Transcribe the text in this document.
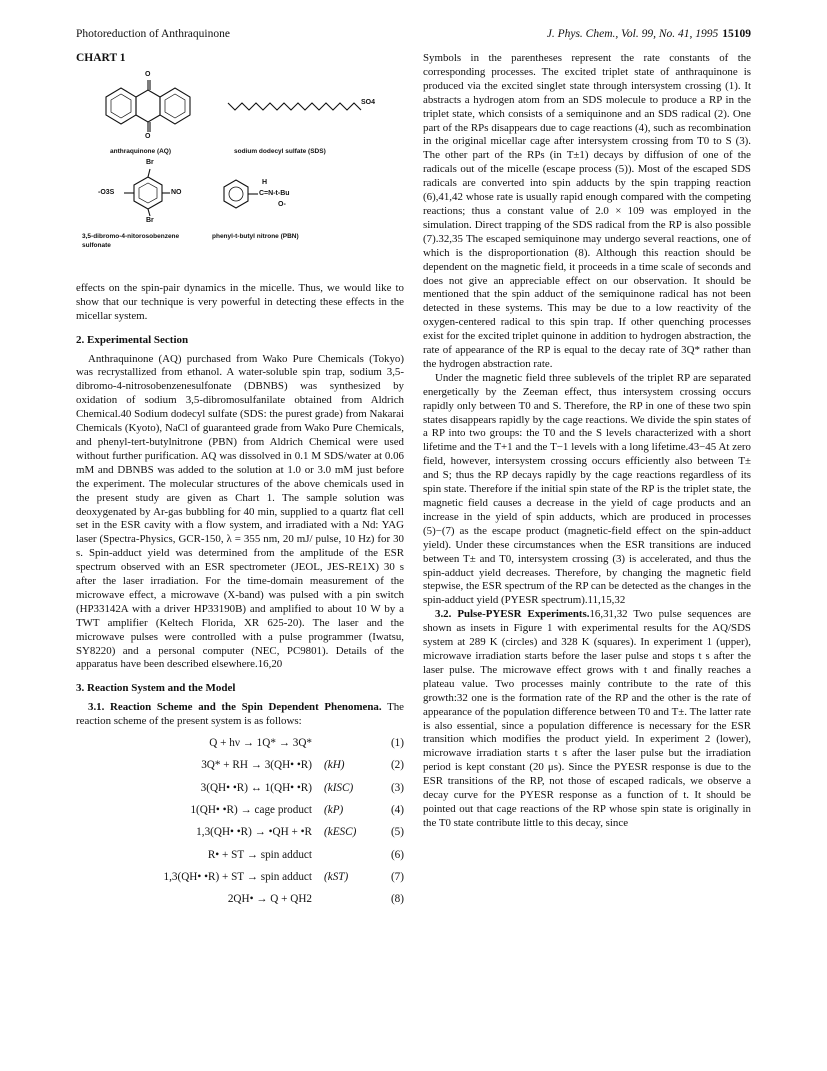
Photoreduction of Anthraquinone	J. Phys. Chem., Vol. 99, No. 41, 1995 15109
CHART 1
O
O
SO4
anthraquinone (AQ)	sodium dodecyl sulfate (SDS)
Br
Br
-O3S	NO
H
C=N-t-Bu
O-
3,5-dibromo-4-nitorosobenzene sulfonate
phenyl-t-butyl nitrone (PBN)

effects on the spin-pair dynamics in the micelle. Thus, we would like to show that our technique is very powerful in detecting these effects in the micellar system.

2. Experimental Section

Anthraquinone (AQ) purchased from Wako Pure Chemicals (Tokyo) was recrystallized from ethanol. A water-soluble spin trap, sodium 3,5-dibromo-4-nitrosobenzenesulfonate (DBNBS) was synthesized by oxidation of sodium 3,5-dibromosulfanilate obtained from Aldrich Chemical.40 Sodium dodecyl sulfate (SDS: the purest grade) from Nakarai Chemicals (Kyoto), NaCl of guaranteed grade from Wako Pure Chemicals, and phenyl-tert-butylnitrone (PBN) from Aldrich Chemical were used without further purification. AQ was dissolved in 0.1 M SDS/water at 0.06 mM and DBNBS was added to the solution at 1.0 or 3.0 mM just before the experiment. The molecular structures of the above chemicals used in the present study are given as Chart 1. The sample solution was deoxygenated by Ar-gas bubbling for 40 min, supplied to a quartz flat cell set in the ESR cavity with a flow system, and irradiated with a Nd: YAG laser (Spectra-Physics, GCR-150, λ = 355 nm, 20 mJ/ pulse, 10 Hz) for 30 s. Spin-adduct yield was determined from the amplitude of the ESR spectrum observed with an ESR spectrometer (JEOL, JES-RE1X) 30 s after the laser irradiation. For the time-domain measurement of the microwave effect, a microwave (X-band) was pulsed with a pin switch (HP33142A with a driver HP33190B) and amplified to about 10 W by a TWT amplifier (Keltech Florida, XR 625-20). The laser and the microwave pulses were controlled with a pulse programmer (Iwatsu, SY8220) and a personal computer (NEC, PC9801). Details of the apparatus have been described elsewhere.16,20

3. Reaction System and the Model

3.1. Reaction Scheme and the Spin Dependent Phenomena. The reaction scheme of the present system is as follows:

Q + hν → 1Q* → 3Q*	(1)
3Q* + RH → 3(QH• •R) (kH)	(2)
3(QH• •R) ↔ 1(QH• •R) (kISC)	(3)
1(QH• •R) → cage product (kP)	(4)
1,3(QH• •R) → •QH + •R (kESC)	(5)
R• + ST → spin adduct	(6)
1,3(QH• •R) + ST → spin adduct (kST)	(7)
2QH• → Q + QH2	(8)

Symbols in the parentheses represent the rate constants of the corresponding processes. The excited triplet state of anthraquinone is produced via the excited singlet state through intersystem crossing (1). It abstracts a hydrogen atom from an SDS molecule to produce a RP in the triplet state, which consists of a semiquinone and an SDS radical (2). One part of the RPs disappears due to cage reactions (4), such as recombination in the original micellar cage after intersystem crossing from T0 to S (3). The other part of the RPs (in T±1) decays by diffusion of one of the radicals out of the micelle (escape process (5)). Most of the escaped SDS radicals are converted into spin adducts by the spin trapping reaction (6),41,42 whose rate is usually rapid enough compared with the competing reactions; thus a constant value of 2.0 × 109 was employed in the simulation. Direct trapping of the SDS radical from the RP is also possible (7).32,35 The escaped semiquinone may undergo several reactions, one of which is the disproportionation (8). Although this reaction should be dependent on the magnetic field, it proceeds in a time scale of seconds and does not give an appreciable effect on our observation. It should be mentioned that the spin adduct of the semiquinone radical has not been detected in these systems. This may be due to a low reactivity of the oxygen-centered radical to this spin trap. If other quenching processes exist for the excited triplet quinone in addition to hydrogen abstraction, the rate of appearance of the RP is equal to the decay rate of 3Q* rather than the hydrogen abstraction rate.

Under the magnetic field three sublevels of the triplet RP are separated energetically by the Zeeman effect, thus intersystem crossing occurs rapidly only between T0 and S. Therefore, the RP in one of these two spin states disappears rapidly by the cage reactions. We divide the spin states of a RP into two groups: the T0 and the S levels characterized with a short lifetime and the T+1 and the T−1 levels with a long lifetime.43−45 At zero field, however, intersystem crossing occurs efficiently also between T± and S; thus the RP decays rapidly by the cage reactions regardless of its spin state. Therefore if the initial spin state of the RP is the triplet state, the magnetic field causes a decrease in the yield of cage products and an increase in the yield of spin adducts, which are produced in processes (5)−(7) as the escape product (magnetic-field effect on the spin-adduct yield). Under these circumstances when the ESR transitions are induced between T± and T0, intersystem crossing (3) is accelerated, and thus the spin-adduct yield decreases. Therefore, by changing the magnetic field stepwise, the ESR spectrum of the RP can be detected as the changes in the spin-adduct yield (PYESR spectrum).11,15,32

3.2. Pulse-PYESR Experiments.16,31,32 Two pulse sequences are shown as insets in Figure 1 with experimental results for the AQ/SDS system at 289 K (circles) and 328 K (squares). In experiment 1 (upper), microwave irradiation starts before the laser pulse and stops t s after the laser pulse. The microwave effect grows with t and finally reaches a plateau value. Two processes mainly contribute to the rate of this growth:32 one is the formation rate of the RP and the other is the rate of appearance of the population difference between T0 and T±. The latter rate is also essential, since a population difference is necessary for the ESR transition which modifies the product yield. In experiment 2 (lower), microwave irradiation starts t s after the laser pulse but the irradiation period is kept constant (20 μs). Since the PYESR response is due to the ESR transitions of the RP, not those of escaped radicals, we observe a decay curve for the PYESR response as a function of t. It should be pointed out that cage reactions of the RP whose spin state is originally in the T0 state contribute little to this decay, since
